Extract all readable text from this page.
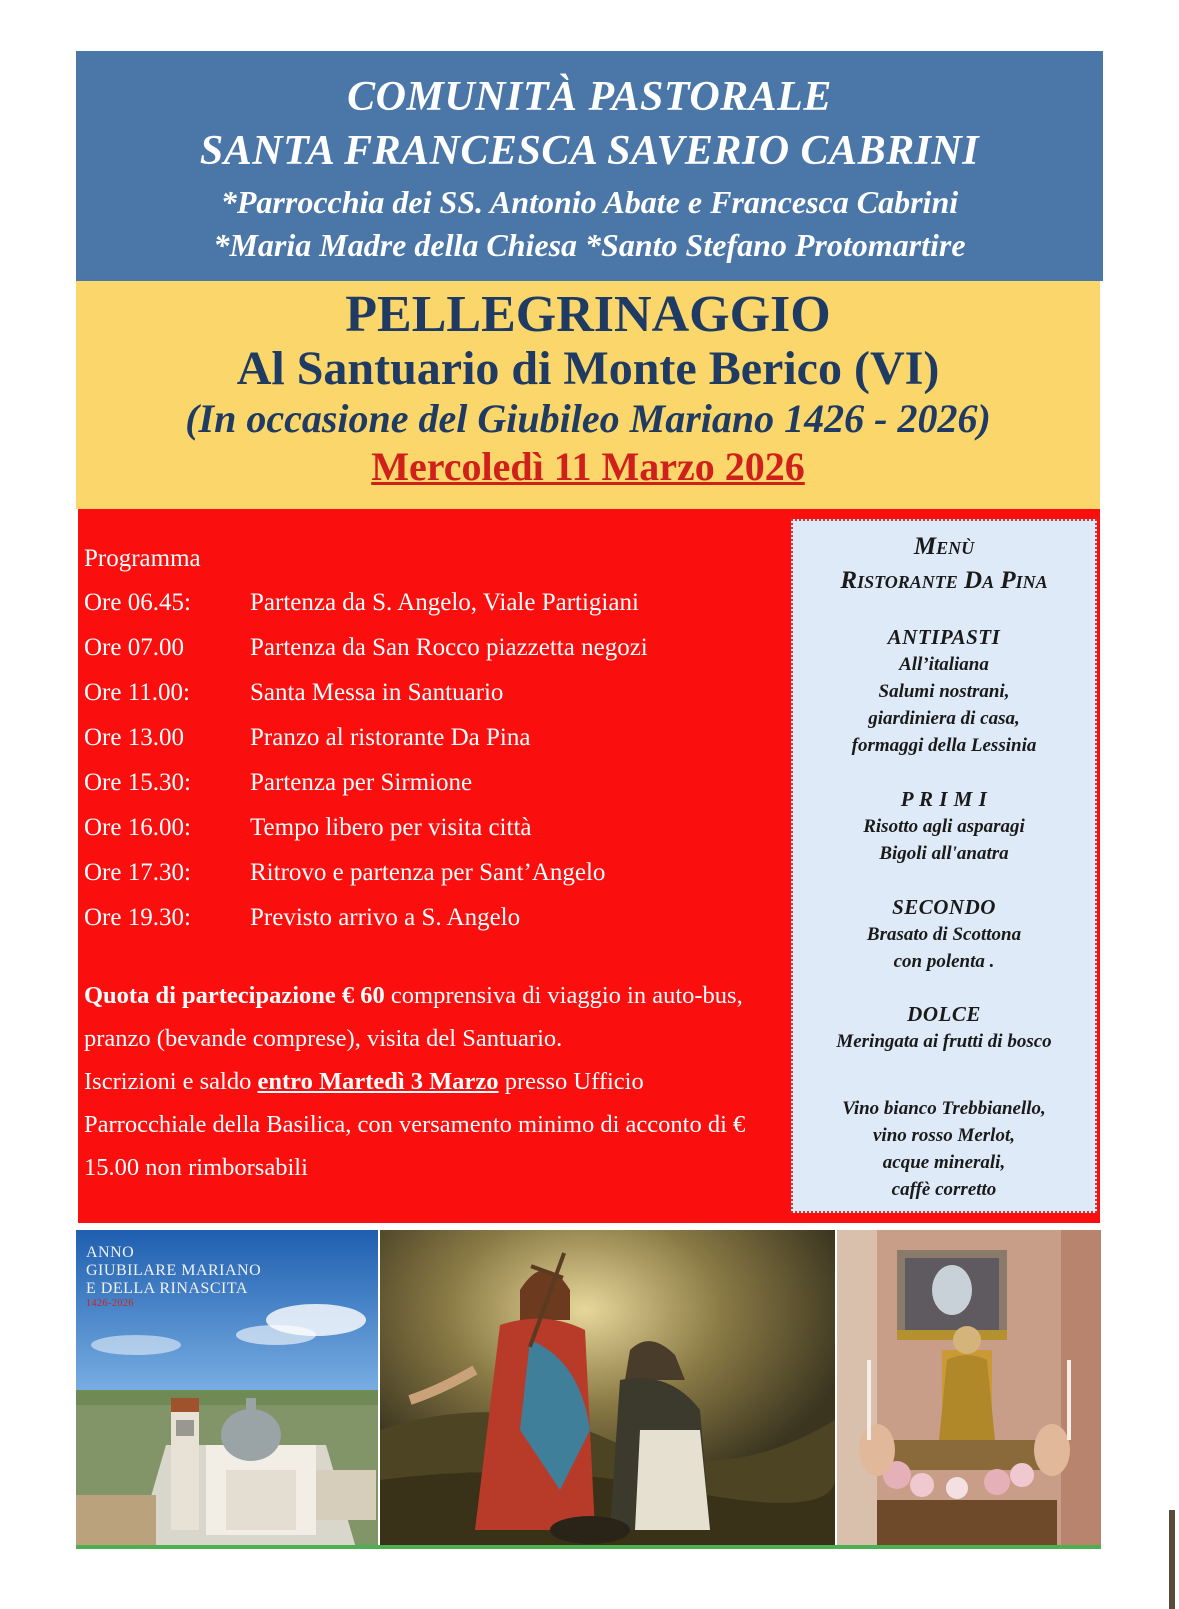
COMUNITÀ PASTORALE
SANTA FRANCESCA SAVERIO CABRINI
*Parrocchia dei SS. Antonio Abate e Francesca Cabrini
*Maria Madre della Chiesa *Santo Stefano Protomartire
PELLEGRINAGGIO
Al Santuario di Monte Berico (VI)
(In occasione del Giubileo Mariano 1426 - 2026)
Mercoledì 11 Marzo 2026
Programma
Ore 06.45: Partenza da S. Angelo, Viale Partigiani
Ore 07.00	Partenza da San Rocco piazzetta negozi
Ore 11.00: Santa Messa in Santuario
Ore 13.00	Pranzo al ristorante Da Pina
Ore 15.30: Partenza per Sirmione
Ore 16.00: Tempo libero per visita città
Ore 17.30: Ritrovo e partenza per Sant’Angelo
Ore 19.30: Previsto arrivo a S. Angelo
Quota di partecipazione € 60 comprensiva di viaggio in auto-bus, pranzo (bevande comprese), visita del Santuario.
Iscrizioni e saldo entro Martedì 3 Marzo presso Ufficio Parrocchiale della Basilica, con versamento minimo di acconto di € 15.00 non rimborsabili
Menù
Ristorante Da Pina
ANTIPASTI
All’italiana
Salumi nostrani,
giardiniera di casa,
formaggi della Lessinia
P R I M I
Risotto agli asparagi
Bigoli all'anatra
SECONDO
Brasato di Scottona
con polenta .
DOLCE
Meringata ai frutti di bosco
Vino bianco Trebbianello,
vino rosso Merlot,
acque minerali,
caffè corretto
ANNO
GIUBILARE MARIANO
E DELLA RINASCITA
1426-2026
